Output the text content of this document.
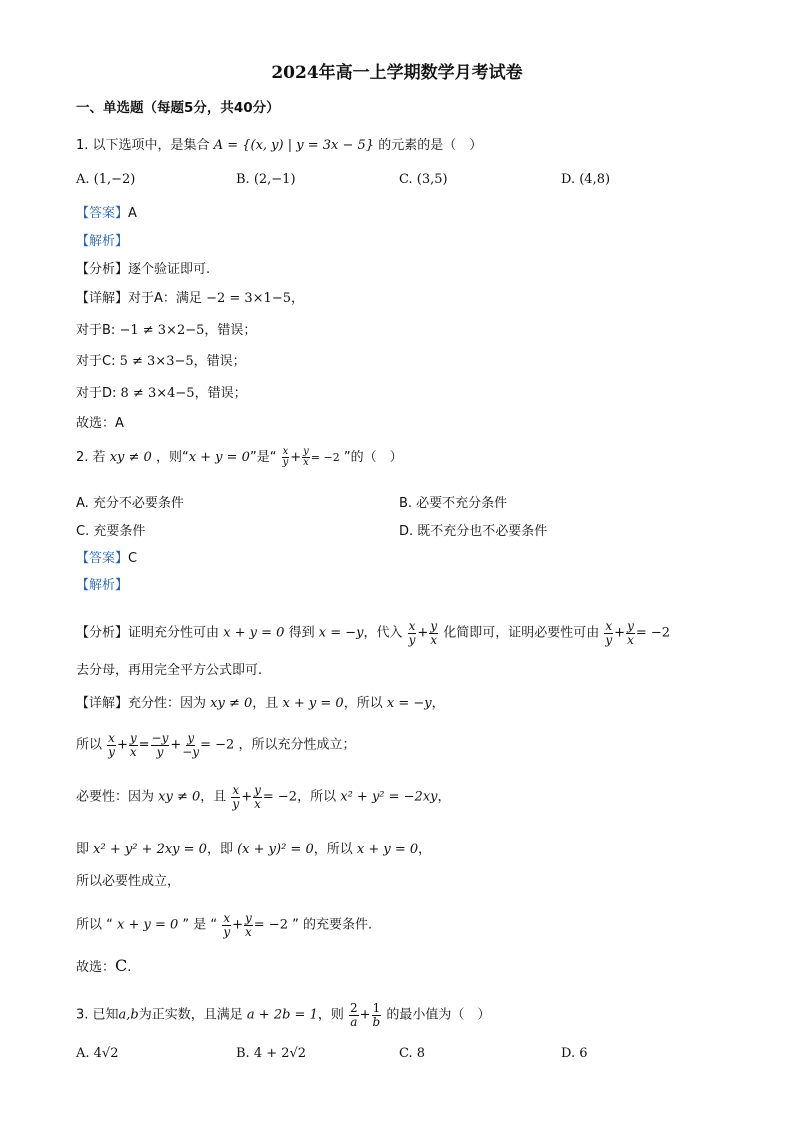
2024年高一上学期数学月考试卷
一、单选题（每题5分，共40分）
1. 以下选项中，是集合 A = {(x, y) | y = 3x − 5} 的元素的是（　）
A. (1,−2)	B. (2,−1)	C. (3,5)	D. (4,8)
【答案】A
【解析】
【分析】逐个验证即可.
【详解】对于A：满足 −2 = 3×1−5，
对于B: −1 ≠ 3×2−5，错误；
对于C: 5 ≠ 3×3−5，错误；
对于D: 8 ≠ 3×4−5，错误；
故选：A
2. 若 xy ≠ 0 ，则“x + y = 0”是“ $\frac{x}{y} + \frac{y}{x} = -2$ ”的（　）
A. 充分不必要条件	B. 必要不充分条件
C. 充要条件	D. 既不充分也不必要条件
【答案】C
【解析】
【分析】证明充分性可由 x + y = 0 得到 x = −y，代入 $\frac{x}{y} + \frac{y}{x}$ 化简即可，证明必要性可由 $\frac{x}{y} + \frac{y}{x} = -2$
去分母，再用完全平方公式即可.
【详解】充分性：因为 xy ≠ 0，且 x + y = 0，所以 x = −y，
所以 $\frac{x}{y} + \frac{y}{x} = \frac{-y}{y} + \frac{y}{-y} = -2$ ，所以充分性成立；
必要性：因为 xy ≠ 0，且 $\frac{x}{y} + \frac{y}{x} = -2$，所以 x² + y² = −2xy，
即 x² + y² + 2xy = 0，即 (x + y)² = 0，所以 x + y = 0，
所以必要性成立，
所以 “ x + y = 0 ” 是 “ $\frac{x}{y} + \frac{y}{x} = -2$ ” 的充要条件.
故选：C.
3. 已知a,b为正实数，且满足 a + 2b = 1，则 $\frac{2}{a} + \frac{1}{b}$ 的最小值为（　）
A. 4√2	B. 4 + 2√2	C. 8	D. 6
